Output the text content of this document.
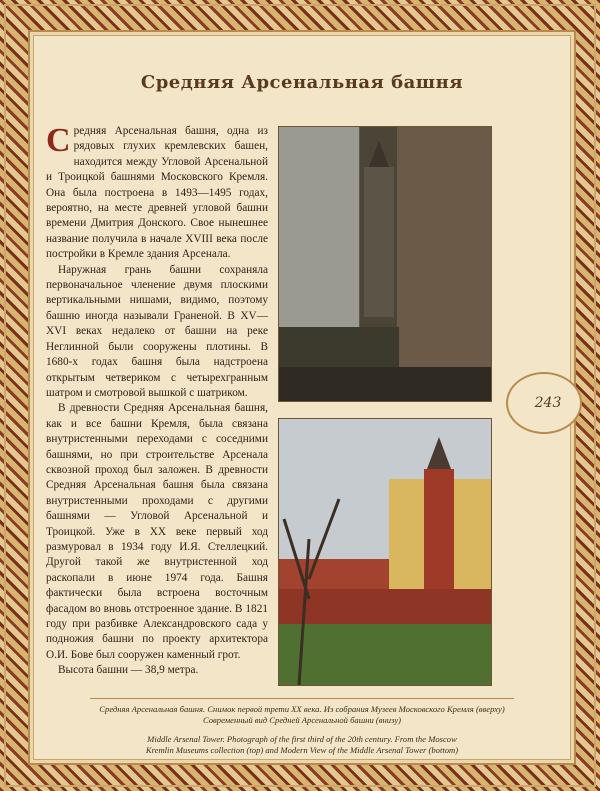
Средняя Арсенальная башня

Средняя Арсенальная башня, одна из рядовых глухих кремлевских башен, находится между Угловой Арсенальной и Троицкой башнями Московского Кремля. Она была построена в 1493—1495 годах, вероятно, на месте древней угловой башни времени Дмитрия Донского. Свое нынешнее название получила в начале XVIII века после постройки в Кремле здания Арсенала.

Наружная грань башни сохраняла первоначальное членение двумя плоскими вертикальными нишами, видимо, поэтому башню иногда называли Граненой. В XV—XVI веках недалеко от башни на реке Неглинной были сооружены плотины. В 1680-х годах башня была надстроена открытым четвериком с четырехгранным шатром и смотровой вышкой с шатриком.

В древности Средняя Арсенальная башня, как и все башни Кремля, была связана внутристенными переходами с соседними башнями, но при строительстве Арсенала сквозной проход был заложен. В древности Средняя Арсенальная башня была связана внутристенными проходами с другими башнями — Угловой Арсенальной и Троицкой. Уже в XX веке первый ход размуровал в 1934 году И.Я. Стеллецкий. Другой такой же внутристенной ход раскопали в июне 1974 года. Башня фактически была встроена восточным фасадом во вновь отстроенное здание. В 1821 году при разбивке Александровского сада у подножия башни по проекту архитектора О.И. Бове был сооружен каменный грот.

Высота башни — 38,9 метра.

Средняя Арсенальная башня. Снимок первой трети XX века. Из собрания Музеев Московского Кремля (вверху)
Современный вид Средней Арсенальной башни (внизу)
Middle Arsenal Tower. Photograph of the first third of the 20th century. From the Moscow
Kremlin Museums collection (top) and Modern View of the Middle Arsenal Tower (bottom)
243
